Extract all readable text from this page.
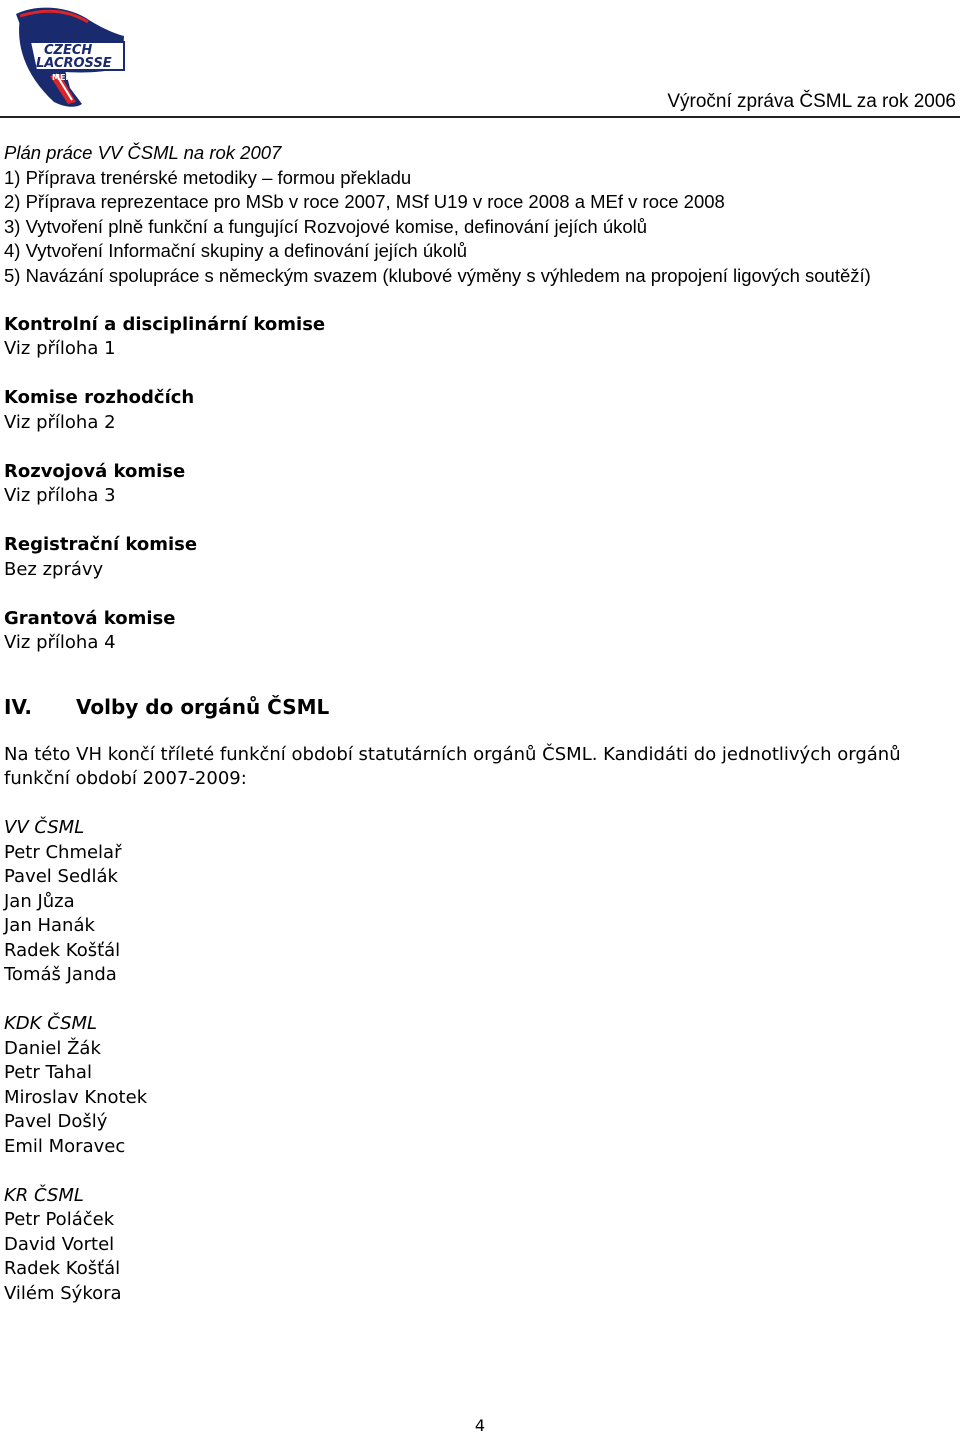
CZECH
LACROSSE
MEN'S
Výroční zpráva ČSML za rok 2006
Plán práce VV ČSML na rok 2007
1) Příprava trenérské metodiky – formou překladu
2) Příprava reprezentace pro MSb v roce 2007, MSf U19 v roce 2008 a MEf v roce 2008
3) Vytvoření plně funkční a fungující Rozvojové komise, definování jejích úkolů
4) Vytvoření Informační skupiny a definování jejích úkolů
5) Navázání spolupráce s německým svazem (klubové výměny s výhledem na propojení ligových soutěží)
Kontrolní a disciplinární komise
Viz příloha 1
Komise rozhodčích
Viz příloha 2
Rozvojová komise
Viz příloha 3
Registrační komise
Bez zprávy
Grantová komise
Viz příloha 4
IV.	Volby do orgánů ČSML
Na této VH končí tříleté funkční období statutárních orgánů ČSML. Kandidáti do jednotlivých orgánů
funkční období 2007-2009:
VV ČSML
Petr Chmelař
Pavel Sedlák
Jan Jůza
Jan Hanák
Radek Košťál
Tomáš Janda
KDK ČSML
Daniel Žák
Petr Tahal
Miroslav Knotek
Pavel Došlý
Emil Moravec
KR ČSML
Petr Poláček
David Vortel
Radek Košťál
Vilém Sýkora
4
